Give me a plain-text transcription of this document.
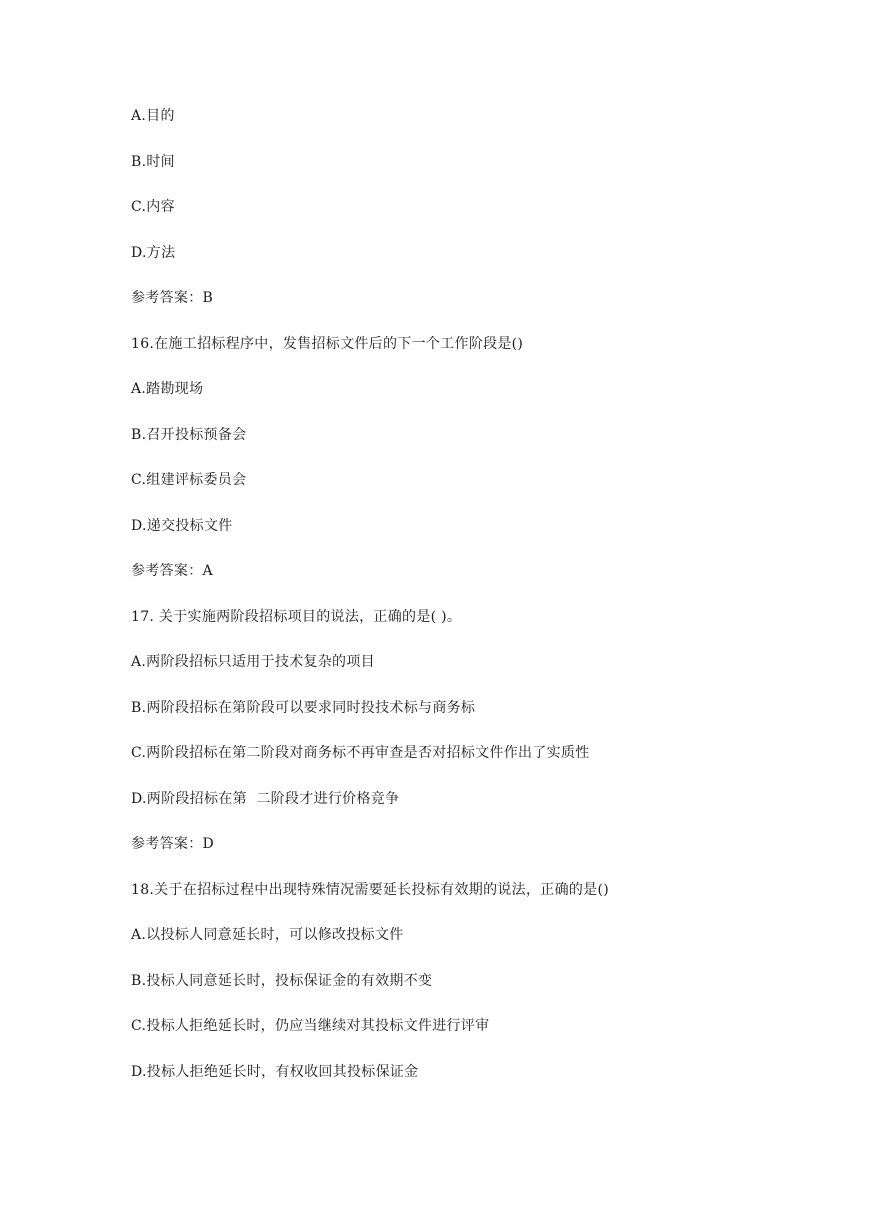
A.目的

B.时间

C.内容

D.方法

参考答案：B

16.在施工招标程序中，发售招标文件后的下一个工作阶段是()

A.踏勘现场

B.召开投标预备会

C.组建评标委员会

D.递交投标文件

参考答案：A

17. 关于实施两阶段招标项目的说法，正确的是( )。

A.两阶段招标只适用于技术复杂的项目

B.两阶段招标在第阶段可以要求同时投技术标与商务标

C.两阶段招标在第二阶段对商务标不再审查是否对招标文件作出了实质性

D.两阶段招标在第  二阶段才进行价格竞争

参考答案：D

18.关于在招标过程中出现特殊情况需要延长投标有效期的说法，正确的是()

A.以投标人同意延长时，可以修改投标文件

B.投标人同意延长时，投标保证金的有效期不变

C.投标人拒绝延长时，仍应当继续对其投标文件进行评审

D.投标人拒绝延长时，有权收回其投标保证金
